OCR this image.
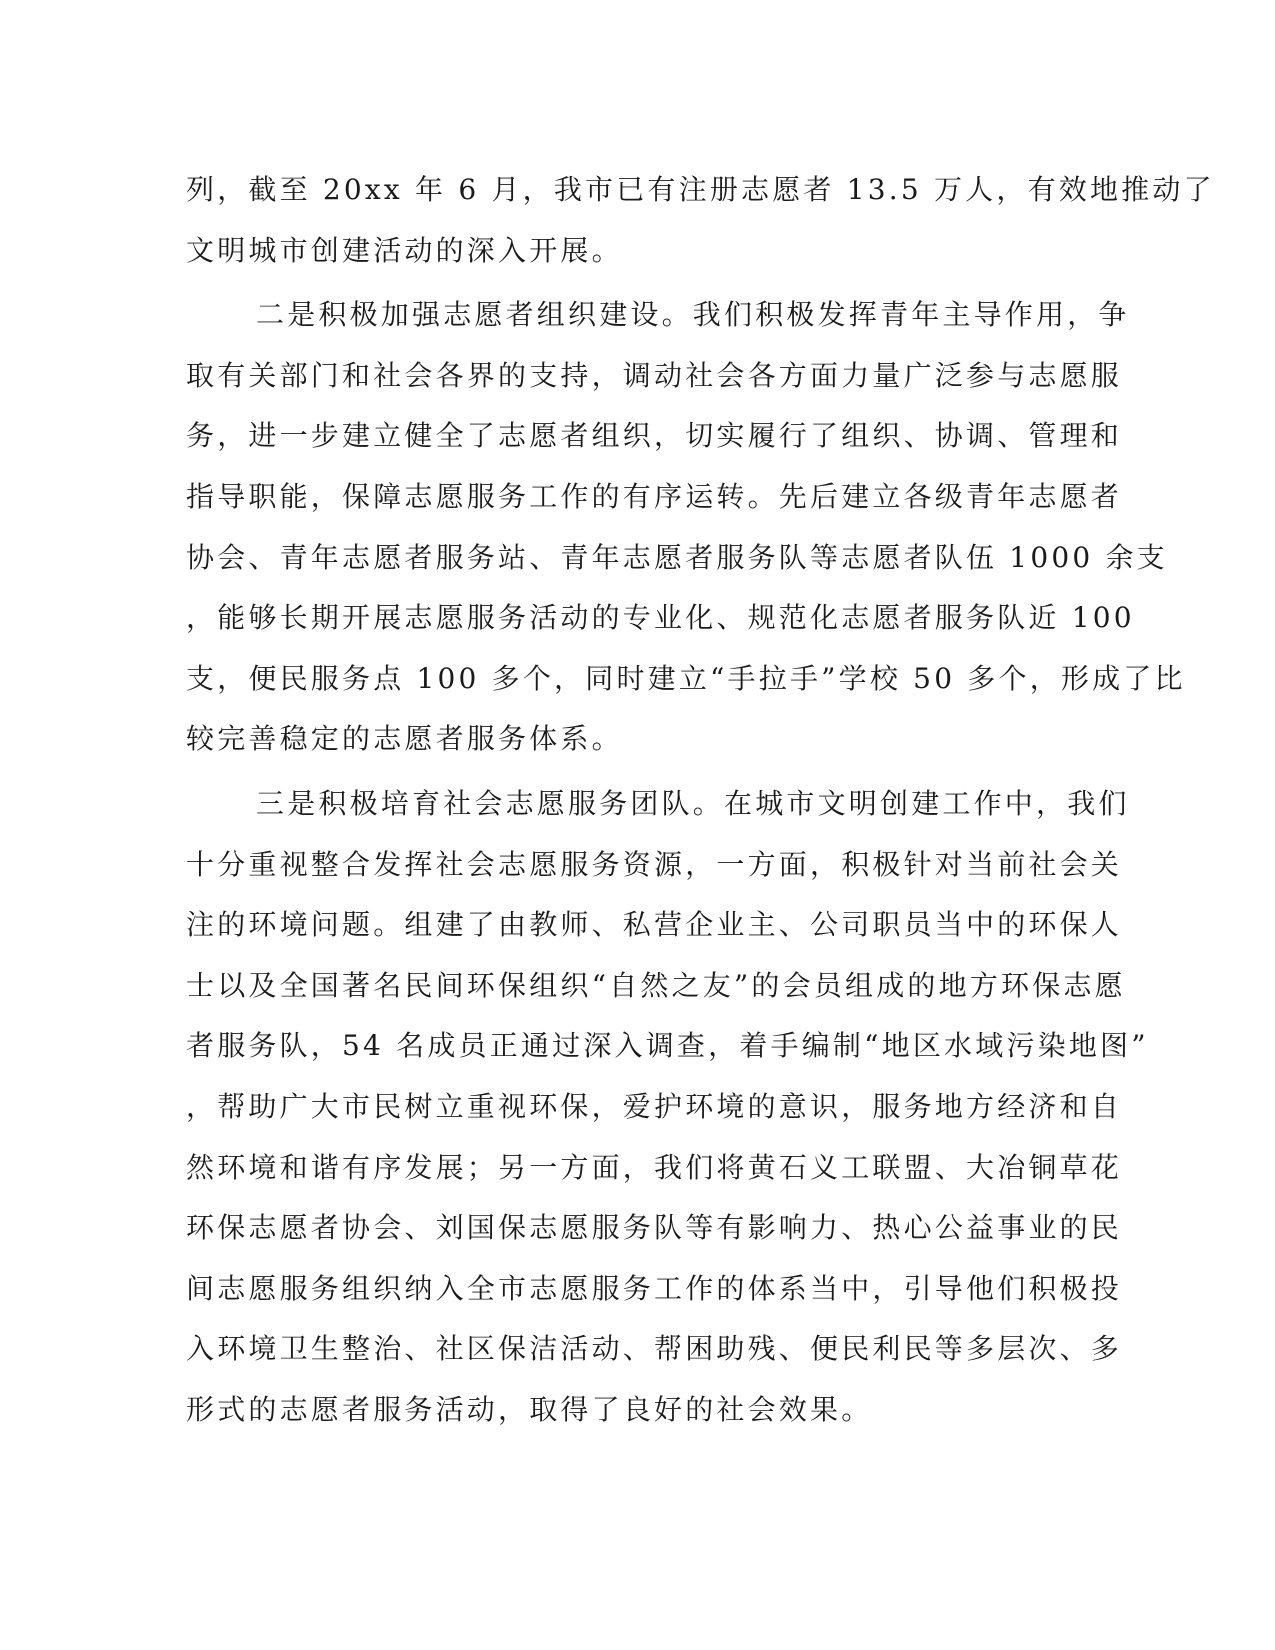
列，截至 20xx 年 6 月，我市已有注册志愿者 13.5 万人，有效地推动了
文明城市创建活动的深入开展。
二是积极加强志愿者组织建设。我们积极发挥青年主导作用，争
取有关部门和社会各界的支持，调动社会各方面力量广泛参与志愿服
务，进一步建立健全了志愿者组织，切实履行了组织、协调、管理和
指导职能，保障志愿服务工作的有序运转。先后建立各级青年志愿者
协会、青年志愿者服务站、青年志愿者服务队等志愿者队伍 1000 余支
，能够长期开展志愿服务活动的专业化、规范化志愿者服务队近 100
支，便民服务点 100 多个，同时建立“手拉手”学校 50 多个，形成了比
较完善稳定的志愿者服务体系。
三是积极培育社会志愿服务团队。在城市文明创建工作中，我们
十分重视整合发挥社会志愿服务资源，一方面，积极针对当前社会关
注的环境问题。组建了由教师、私营企业主、公司职员当中的环保人
士以及全国著名民间环保组织“自然之友”的会员组成的地方环保志愿
者服务队，54 名成员正通过深入调查，着手编制“地区水域污染地图”
，帮助广大市民树立重视环保，爱护环境的意识，服务地方经济和自
然环境和谐有序发展；另一方面，我们将黄石义工联盟、大冶铜草花
环保志愿者协会、刘国保志愿服务队等有影响力、热心公益事业的民
间志愿服务组织纳入全市志愿服务工作的体系当中，引导他们积极投
入环境卫生整治、社区保洁活动、帮困助残、便民利民等多层次、多
形式的志愿者服务活动，取得了良好的社会效果。
